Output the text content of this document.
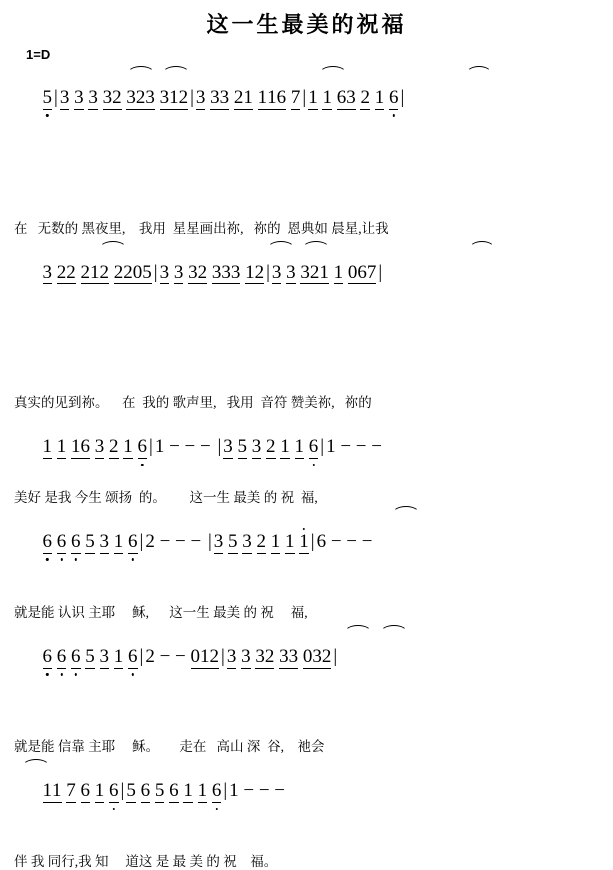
这一生最美的祝福
1=D

5 | 3 3 3 32 323 312 | 3 33 21 116 7 | 1 1 63 2 1 6 |

在   无数的 黑夜里,    我用  星星画出祢,   祢的  恩典如 晨星,让我

3 22 212 2205 | 3 3 32 333 12 | 3 3 321 1 067 |

真实的见到祢。    在  我的 歌声里,   我用  音符 赞美祢,   祢的

1 1 16 3 2 1 6 | 1 − − − | 3 5 3 2 1 1 6 | 1 − − −

美好 是我 今生 颂扬  的。       这一生 最美 的 祝  福,

6 6 6 5 3 1 6 | 2 − − − | 3 5 3 2 1 1 1 | 6 − − −

就是能 认识 主耶     稣,      这一生 最美 的 祝     福,

6 6 6 5 3 1 6 | 2 − − 012 | 3 3 32 33 032 |

就是能 信靠 主耶     稣。      走在   高山 深  谷,    祂会

11 7 6 1 6 | 5 6 5 6 1 1 6 | 1 − − −

伴 我 同行,我 知     道这 是 最 美 的 祝    福。
